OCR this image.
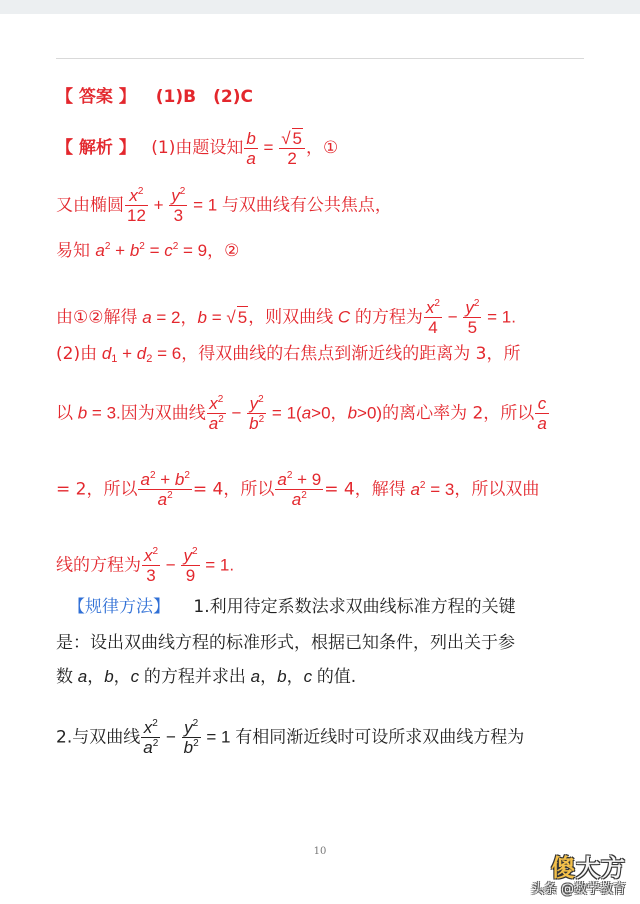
【 答案 】 (1)B　(2)C
【 解析 】 (1)由题设知 $\frac{b}{a} = \frac{√ 5}{2}$ ，①
又由椭圆 $\frac{x^2}{12} + \frac{y^2}{3} = 1$ 与双曲线有公共焦点，
易知 $a^2 + b^2 = c^2 = 9$，②
由①②解得 a = 2，b = √ 5，则双曲线 C 的方程为 $\frac{x^2}{4} - \frac{y^2}{5} = 1$.
(2)由 $d_1 + d_2 = 6$，得双曲线的右焦点到渐近线的距离为 3，所
以 b = 3.因为双曲线 $\frac{x^2}{a^2} - \frac{y^2}{b^2} = 1(a>0$，b>0)的离心率为 2，所以 $\frac{c}{a}$
= 2，所以 $\frac{a^2 + b^2}{a^2} = 4$，所以 $\frac{a^2 + 9}{a^2} = 4$，解得 $a^2 = 3$，所以双曲
线的方程为 $\frac{x^2}{3} - \frac{y^2}{9} = 1$.
【规律方法】 1.利用待定系数法求双曲线标准方程的关键
是：设出双曲线方程的标准形式，根据已知条件，列出关于参
数 a，b，c 的方程并求出 a，b，c 的值.
2.与双曲线 $\frac{x^2}{a^2} - \frac{y^2}{b^2} = 1$ 有相同渐近线时可设所求双曲线方程为
10
傻大方
头条 @数学教育
